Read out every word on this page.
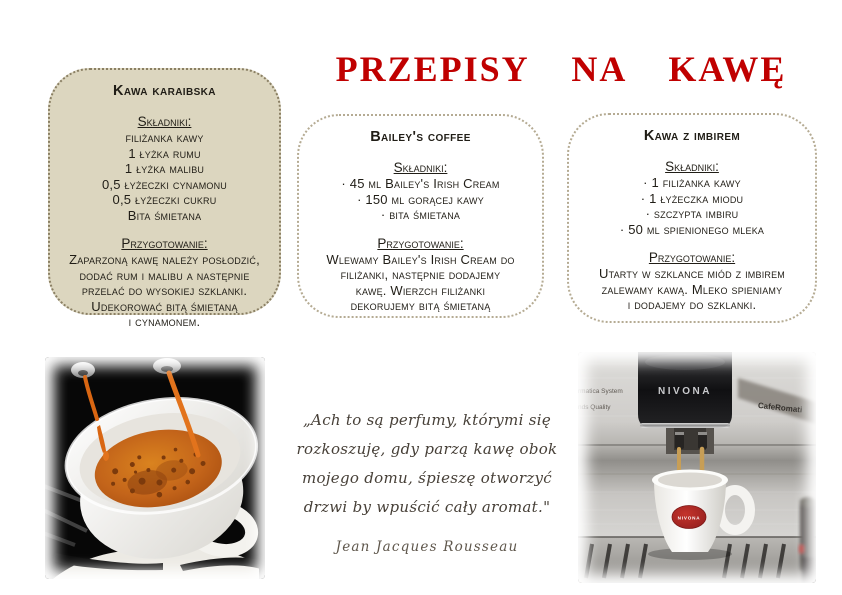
PRZEPISY NA KAWĘ
Kawa karaibska
Składniki:
filiżanka kawy
1 łyżka rumu
1 łyżka malibu
0,5 łyżeczki cynamonu
0,5 łyżeczki cukru
Bita śmietana
Przygotowanie:
Zaparzoną kawę należy posłodzić,
dodać rum i malibu a następnie
przelać do wysokiej szklanki.
Udekorować bitą śmietaną
i cynamonem.
Bailey's coffee
Składniki:
· 45 ml Bailey's Irish Cream
· 150 ml gorącej kawy
· bita śmietana
Przygotowanie:
Wlewamy Bailey's Irish Cream do
filiżanki, następnie dodajemy
kawę. Wierzch filiżanki
dekorujemy bitą śmietaną
Kawa z imbirem
Składniki:
· 1 filiżanka kawy
· 1 łyżeczka miodu
· szczypta imbiru
· 50 ml spienionego mleka
Przygotowanie:
Utarty w szklance miód z imbirem
zalewamy kawą. Mleko spieniamy
i dodajemy do szklanki.
„Ach to są perfumy, którymi się
rozkoszuję, gdy parzą kawę obok
mojego domu, śpieszę otworzyć
drzwi by wpuścić cały aromat."
Jean Jacques Rousseau
rmatica System
nds Quality	CafeRomati
NIVONA
NIVONA
